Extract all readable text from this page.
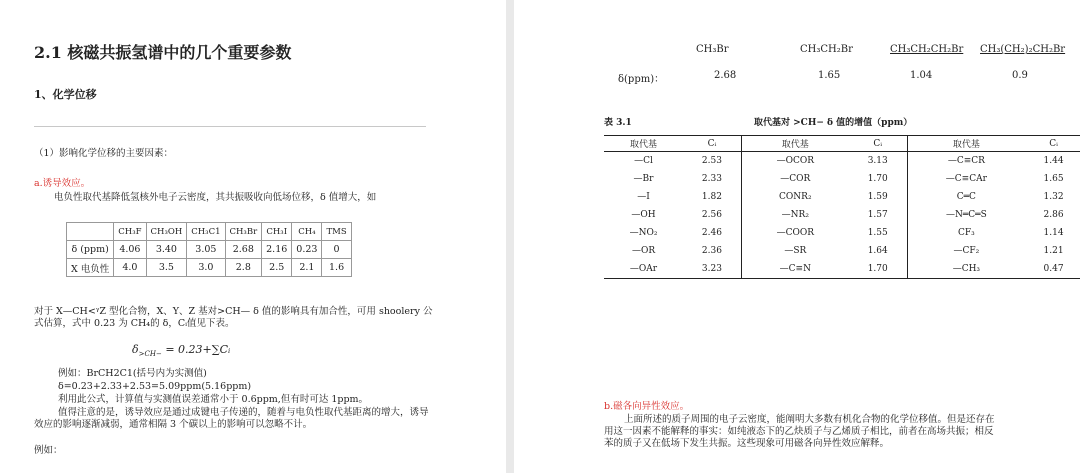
2.1 核磁共振氢谱中的几个重要参数
1、化学位移
（1）影响化学位移的主要因素：
a.诱导效应。
电负性取代基降低氢核外电子云密度，其共振吸收向低场位移，δ 值增大，如
	CH₃F	CH₃OH	CH₃C1	CH₃Br	CH₃I	CH₄	TMS
δ (ppm)	4.06	3.40	3.05	2.68	2.16	0.23	0
X 电负性	4.0	3.5	3.0	2.8	2.5	2.1	1.6
对于 X—CH<ᵞZ 型化合物，X、Y、Z 基对>CH— δ 值的影响具有加合性，可用 shoolery 公式估算，式中 0.23 为 CH₄的 δ，Cᵢ值见下表。
$\delta_{>CH-}$ = 0.23+∑Cᵢ
例如：BrCH2C1(括号内为实测值)
δ=0.23+2.33+2.53=5.09ppm(5.16ppm)
利用此公式，计算值与实测值误差通常小于 0.6ppm,但有时可达 1ppm。
值得注意的是，诱导效应是通过成键电子传递的，随着与电负性取代基距离的增大，诱导效应的影响逐渐减弱，通常相隔 3 个碳以上的影响可以忽略不计。
例如：
CH₃Br	CH₃CH₂Br	CH₃CH₂CH₂Br CH₃(CH₂)₂CH₂Br
δ(ppm)：	2.68	1.65	1.04	0.9
表 3.1	取代基对 >CH− δ 值的增值（ppm）
取代基	Cᵢ	取代基	Cᵢ	取代基	Cᵢ
—Cl	2.53	—OCOR	3.13	—C≡CR	1.44
—Br	2.33	—COR	1.70	—C≡CAr	1.65
—I	1.82	CONR₂	1.59	C═C	1.32
—OH	2.56	—NR₂	1.57	—N═C═S	2.86
—NO₂	2.46	—COOR	1.55	CF₃	1.14
—OR	2.36	—SR	1.64	—CF₂	1.21
—OAr	3.23	—C≡N	1.70	—CH₃	0.47
b.磁各向异性效应。
上面所述的质子周围的电子云密度，能阐明大多数有机化合物的化学位移值。但是还存在用这一因素不能解释的事实：如纯液态下的乙炔质子与乙烯质子相比，前者在高场共振；相反苯的质子又在低场下发生共振。这些现象可用磁各向异性效应解释。
